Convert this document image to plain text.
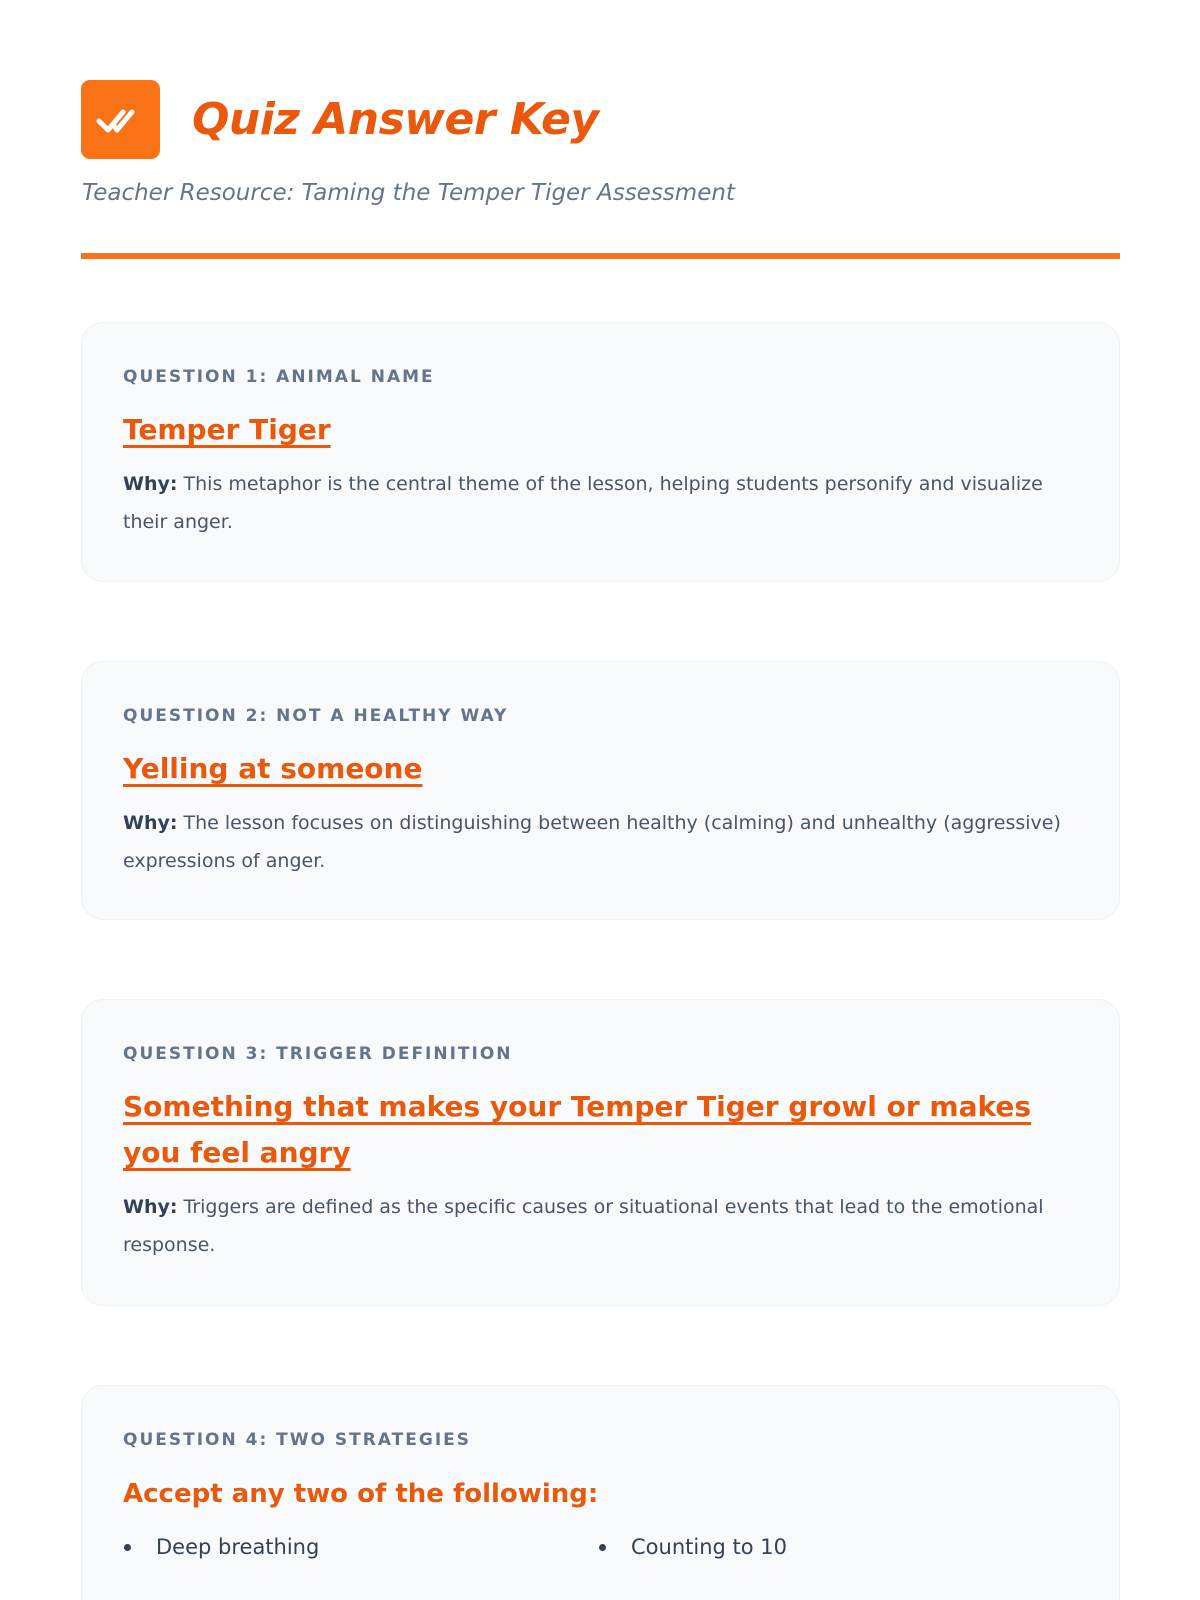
Quiz Answer Key

Teacher Resource: Taming the Temper Tiger Assessment

QUESTION 1: ANIMAL NAME

Temper Tiger

Why: This metaphor is the central theme of the lesson, helping students personify and visualize their anger.

QUESTION 2: NOT A HEALTHY WAY

Yelling at someone

Why: The lesson focuses on distinguishing between healthy (calming) and unhealthy (aggressive) expressions of anger.

QUESTION 3: TRIGGER DEFINITION

Something that makes your Temper Tiger growl or makes you feel angry

Why: Triggers are defined as the specific causes or situational events that lead to the emotional response.

QUESTION 4: TWO STRATEGIES

Accept any two of the following:

Deep breathing	Counting to 10
